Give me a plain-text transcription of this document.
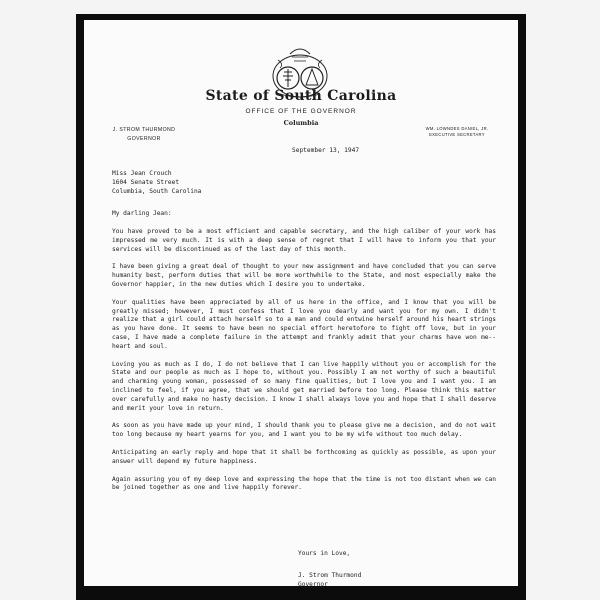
State of South Carolina
OFFICE OF THE GOVERNOR
Columbia
J. STROM THURMOND
GOVERNOR
WM. LOWNDES DANIEL, JR.
EXECUTIVE SECRETARY
September 13, 1947
Miss Jean Crouch
1604 Senate Street
Columbia, South Carolina
My darling Jean:

You have proved to be a most efficient and capable secretary, and the high caliber of your work has impressed me very much. It is with a deep sense of regret that I will have to inform you that your services will be discontinued as of the last day of this month.

I have been giving a great deal of thought to your new assignment and have concluded that you can serve humanity best, perform duties that will be more worthwhile to the State, and most especially make the Governor happier, in the new duties which I desire you to undertake.

Your qualities have been appreciated by all of us here in the office, and I know that you will be greatly missed; however, I must confess that I love you dearly and want you for my own. I didn't realize that a girl could attach herself so to a man and could entwine herself around his heart strings as you have done. It seems to have been no special effort heretofore to fight off love, but in your case, I have made a complete failure in the attempt and frankly admit that your charms have won me--heart and soul.

Loving you as much as I do, I do not believe that I can live happily without you or accomplish for the State and our people as much as I hope to, without you. Possibly I am not worthy of such a beautiful and charming young woman, possessed of so many fine qualities, but I love you and I want you. I am inclined to feel, if you agree, that we should get married before too long. Please think this matter over carefully and make no hasty decision. I know I shall always love you and hope that I shall deserve and merit your love in return.

As soon as you have made up your mind, I should thank you to please give me a decision, and do not wait too long because my heart yearns for you, and I want you to be my wife without too much delay.

Anticipating an early reply and hope that it shall be forthcoming as quickly as possible, as upon your answer will depend my future happiness.

Again assuring you of my deep love and expressing the hope that the time is not too distant when we can be joined together as one and live happily forever.

Yours in Love,
J. Strom Thurmond
Governor
